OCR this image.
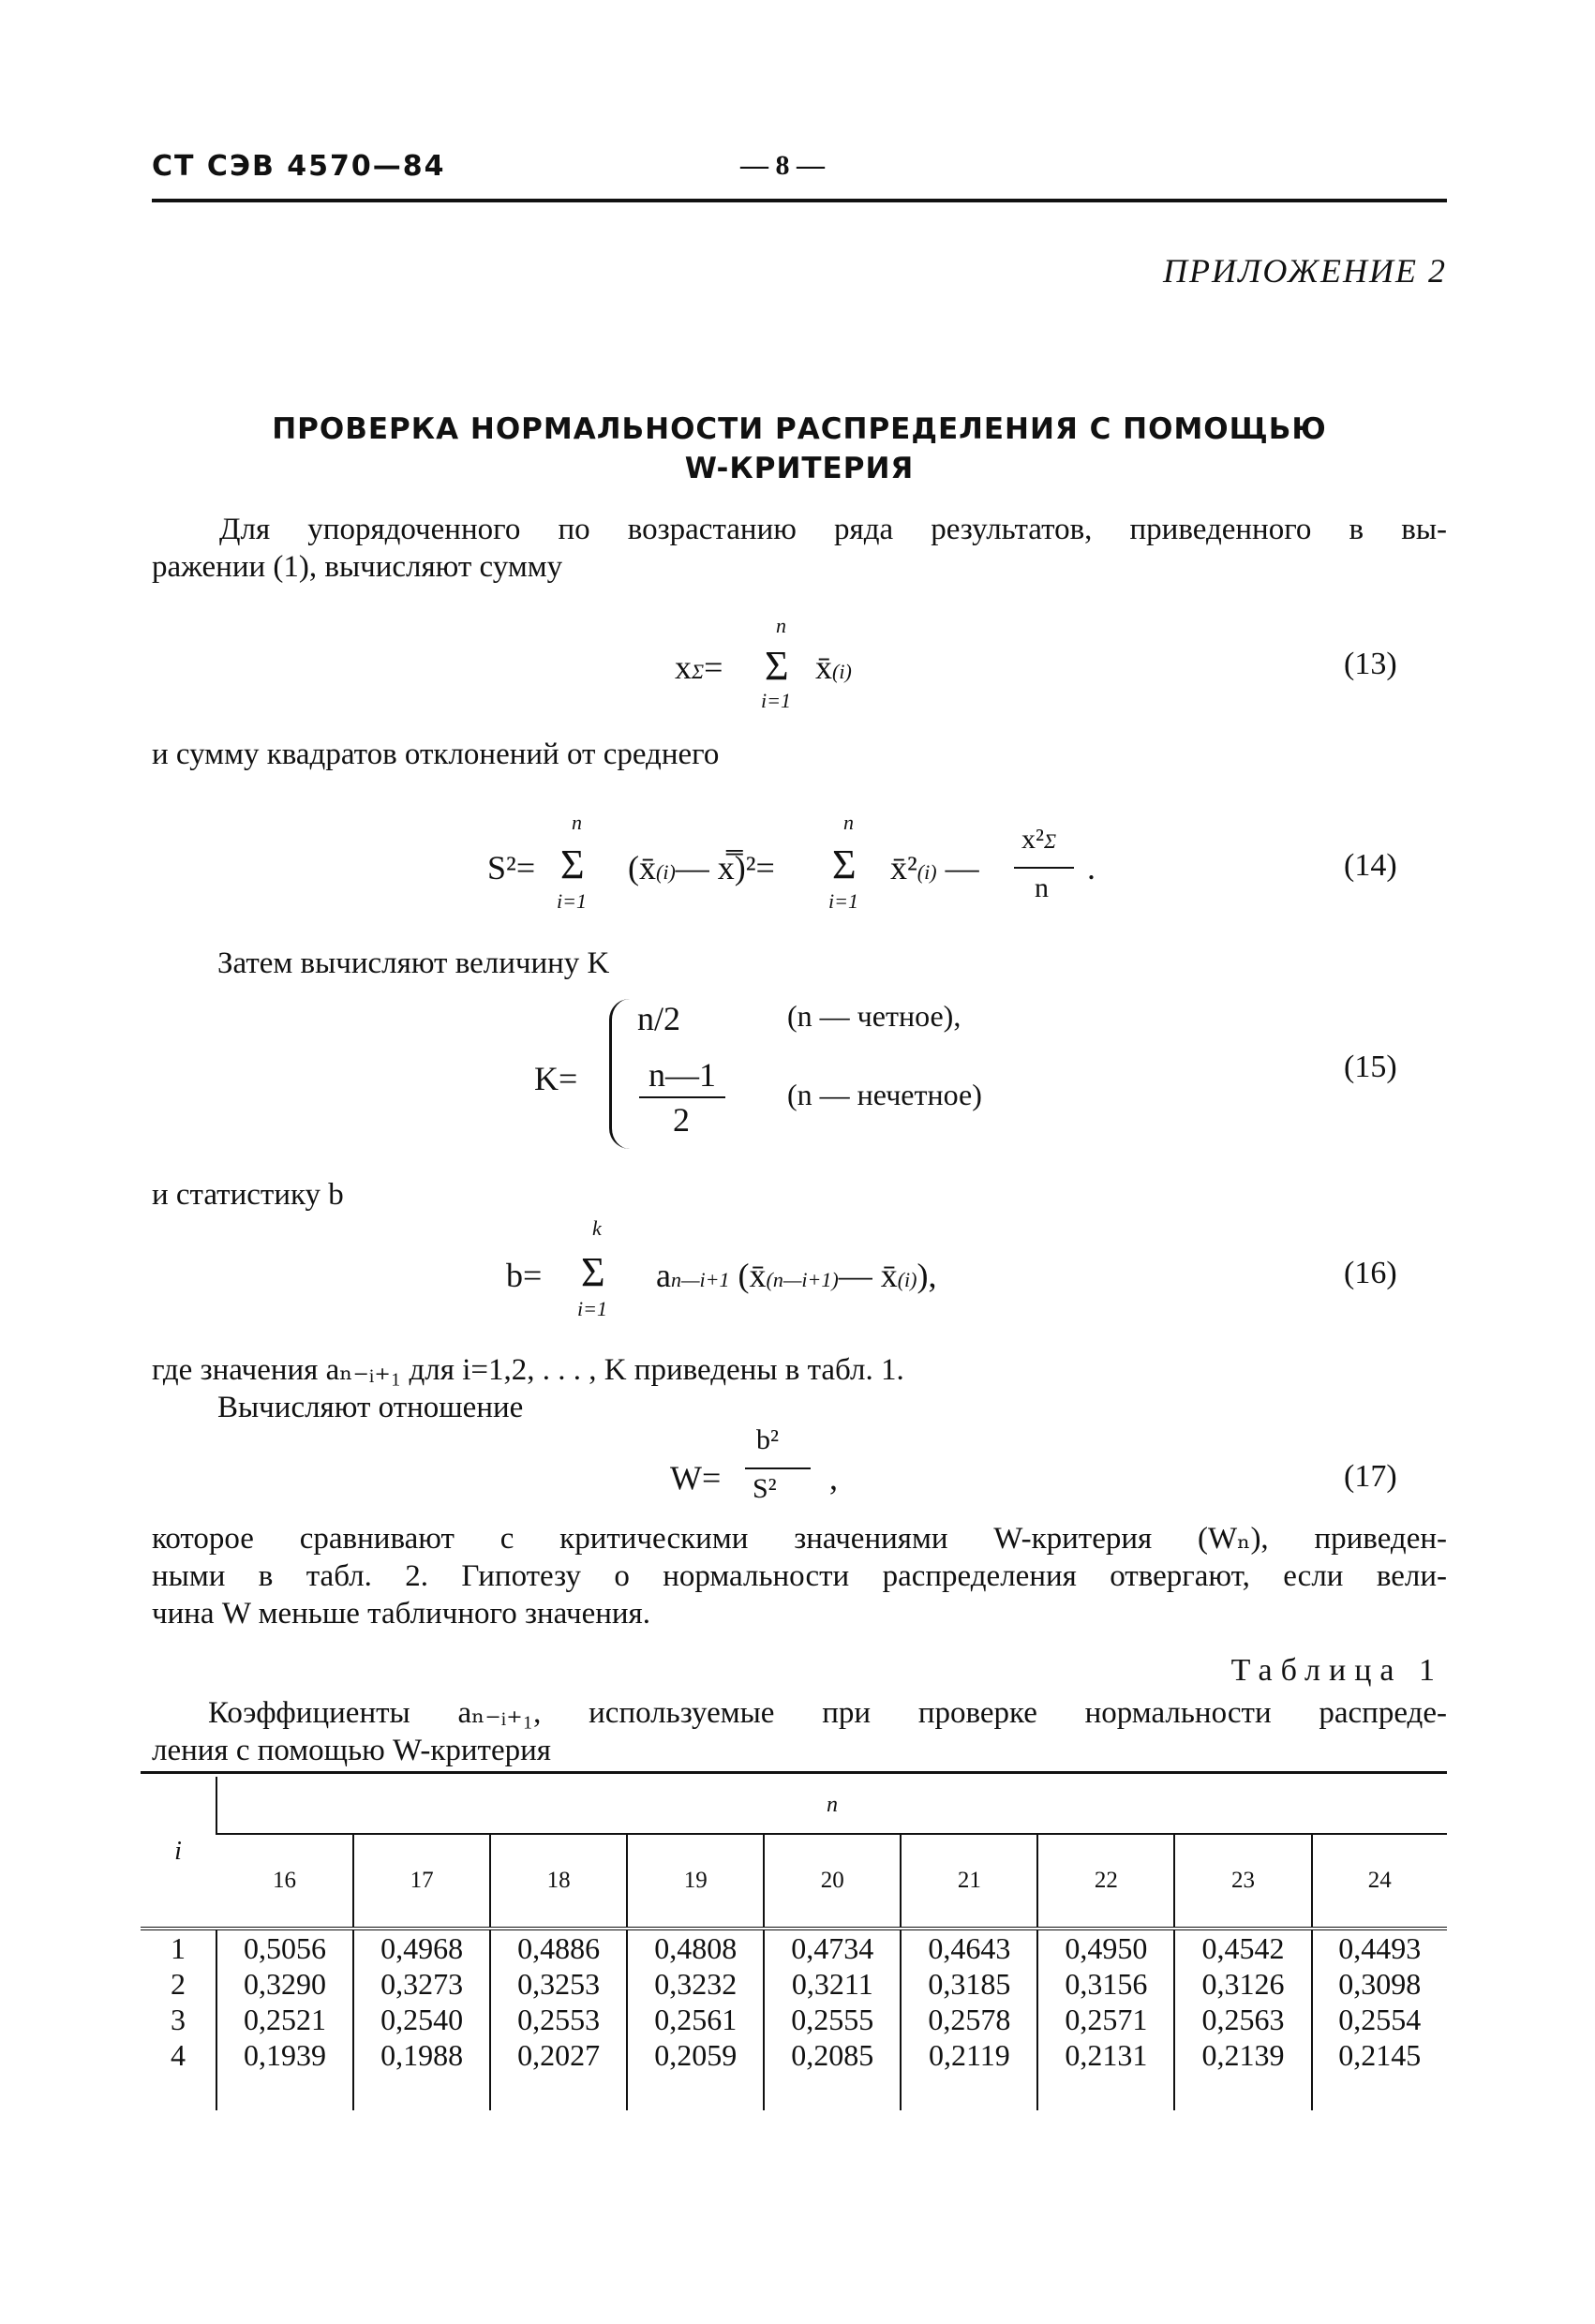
СТ СЭВ 4570—84	— 8 —
ПРИЛОЖЕНИЕ 2
ПРОВЕРКА НОРМАЛЬНОСТИ РАСПРЕДЕЛЕНИЯ С ПОМОЩЬЮ
W-КРИТЕРИЯ
Для упорядоченного по возрастанию ряда результатов, приведенного в вы-
ражении (1), вычисляют сумму
xΣ=
n
Σ
i=1
x̄(i)	(13)
и сумму квадратов отклонений от среднего
S²=
n
Σ
i=1
(x̄(i)— x̿)²=
n
Σ
i=1
x̄²(i) —
x²Σ
n
.	(14)
Затем вычисляют величину K
K=
n/2	(n — четное),
n—1
2
(n — нечетное)
(15)
и статистику b
b=
k
Σ
i=1
an—i+1 (x̄(n—i+1)— x̄(i)),	(16)
где значения aₙ₋ᵢ₊₁ для i=1,2, . . . , K приведены в табл. 1.
Вычисляют отношение
W=
b²
S² ,	(17)
которое сравнивают с критическими значениями W-критерия (Wₙ), приведен-
ными в табл. 2. Гипотезу о нормальности распределения отвергают, если вели-
чина W меньше табличного значения.
Таблица 1
Коэффициенты aₙ₋ᵢ₊₁, используемые при проверке нормальности распреде-
ления с помощью W-критерия
i	n								
	16	17	18	19	20	21	22	23	24
1	0,5056	0,4968	0,4886	0,4808	0,4734	0,4643	0,4950	0,4542	0,4493
2	0,3290	0,3273	0,3253	0,3232	0,3211	0,3185	0,3156	0,3126	0,3098
3	0,2521	0,2540	0,2553	0,2561	0,2555	0,2578	0,2571	0,2563	0,2554
4	0,1939	0,1988	0,2027	0,2059	0,2085	0,2119	0,2131	0,2139	0,2145
